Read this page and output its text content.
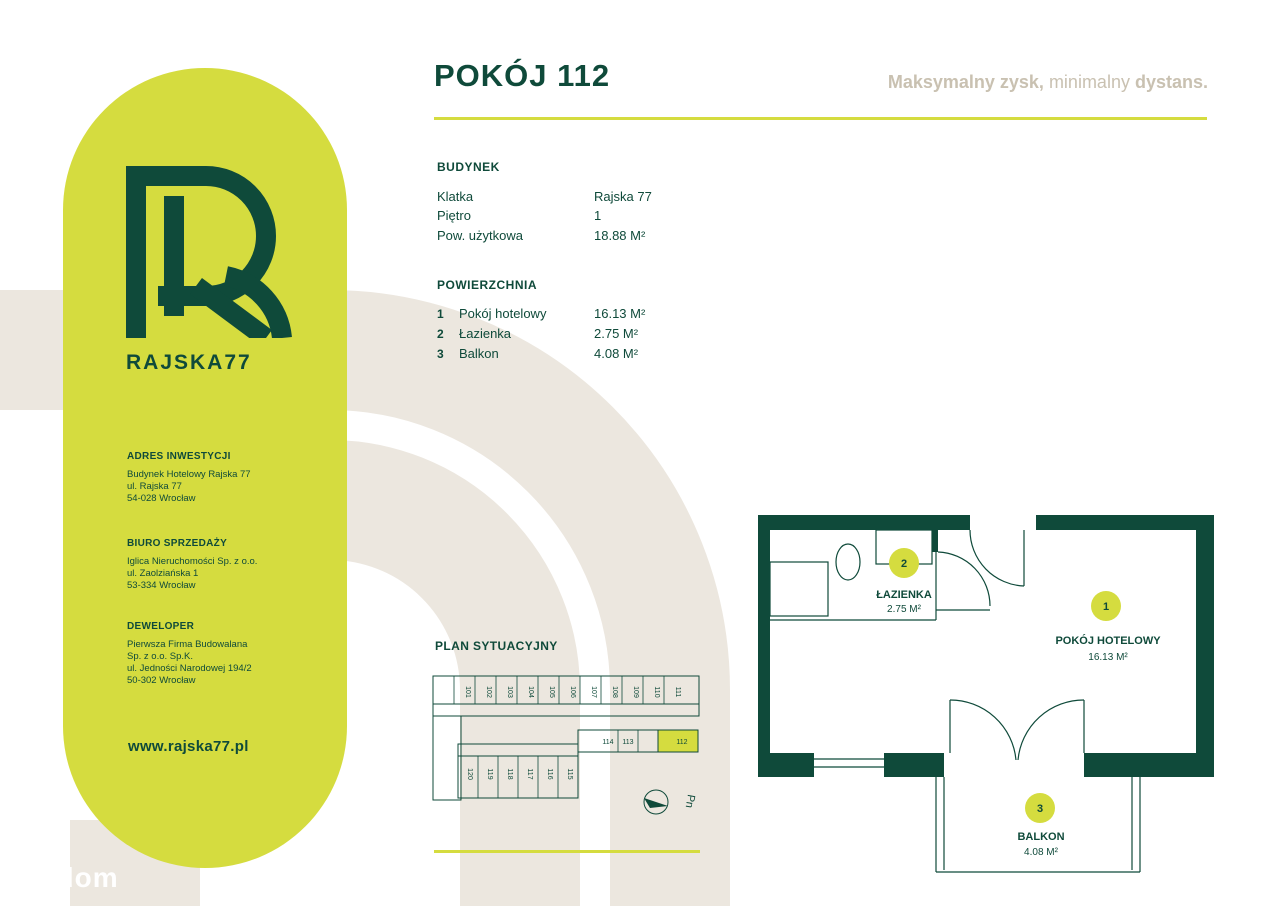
RAJSKA77
ADRES INWESTYCJI
Budynek Hotelowy Rajska 77
ul. Rajska 77
54-028 Wrocław
BIURO SPRZEDAŻY
Iglica Nieruchomości Sp. z o.o.
ul. Zaolziańska 1
53-334 Wrocław
DEWELOPER
Pierwsza Firma Budowalana
Sp. z o.o. Sp.K.
ul. Jedności Narodowej 194/2
50-302 Wrocław
www.rajska77.pl
POKÓJ 112	Maksymalny zysk, minimalny dystans.
BUDYNEK
Klatka	Rajska 77
Piętro	1
Pow. użytkowa	18.88 M²
POWIERZCHNIA
1 Pokój hotelowy	16.13 M²
2 Łazienka	2.75 M²
3 Balkon	4.08 M²
PLAN SYTUACYJNY
101 102 103 104 105 106 107 108 109 110 111
114 113	112
120 119 118 117 116 115
Pn
1
POKÓJ HOTELOWY
16.13 M²
2
ŁAZIENKA
2.75 M²
3
BALKON
4.08 M²
otodom
